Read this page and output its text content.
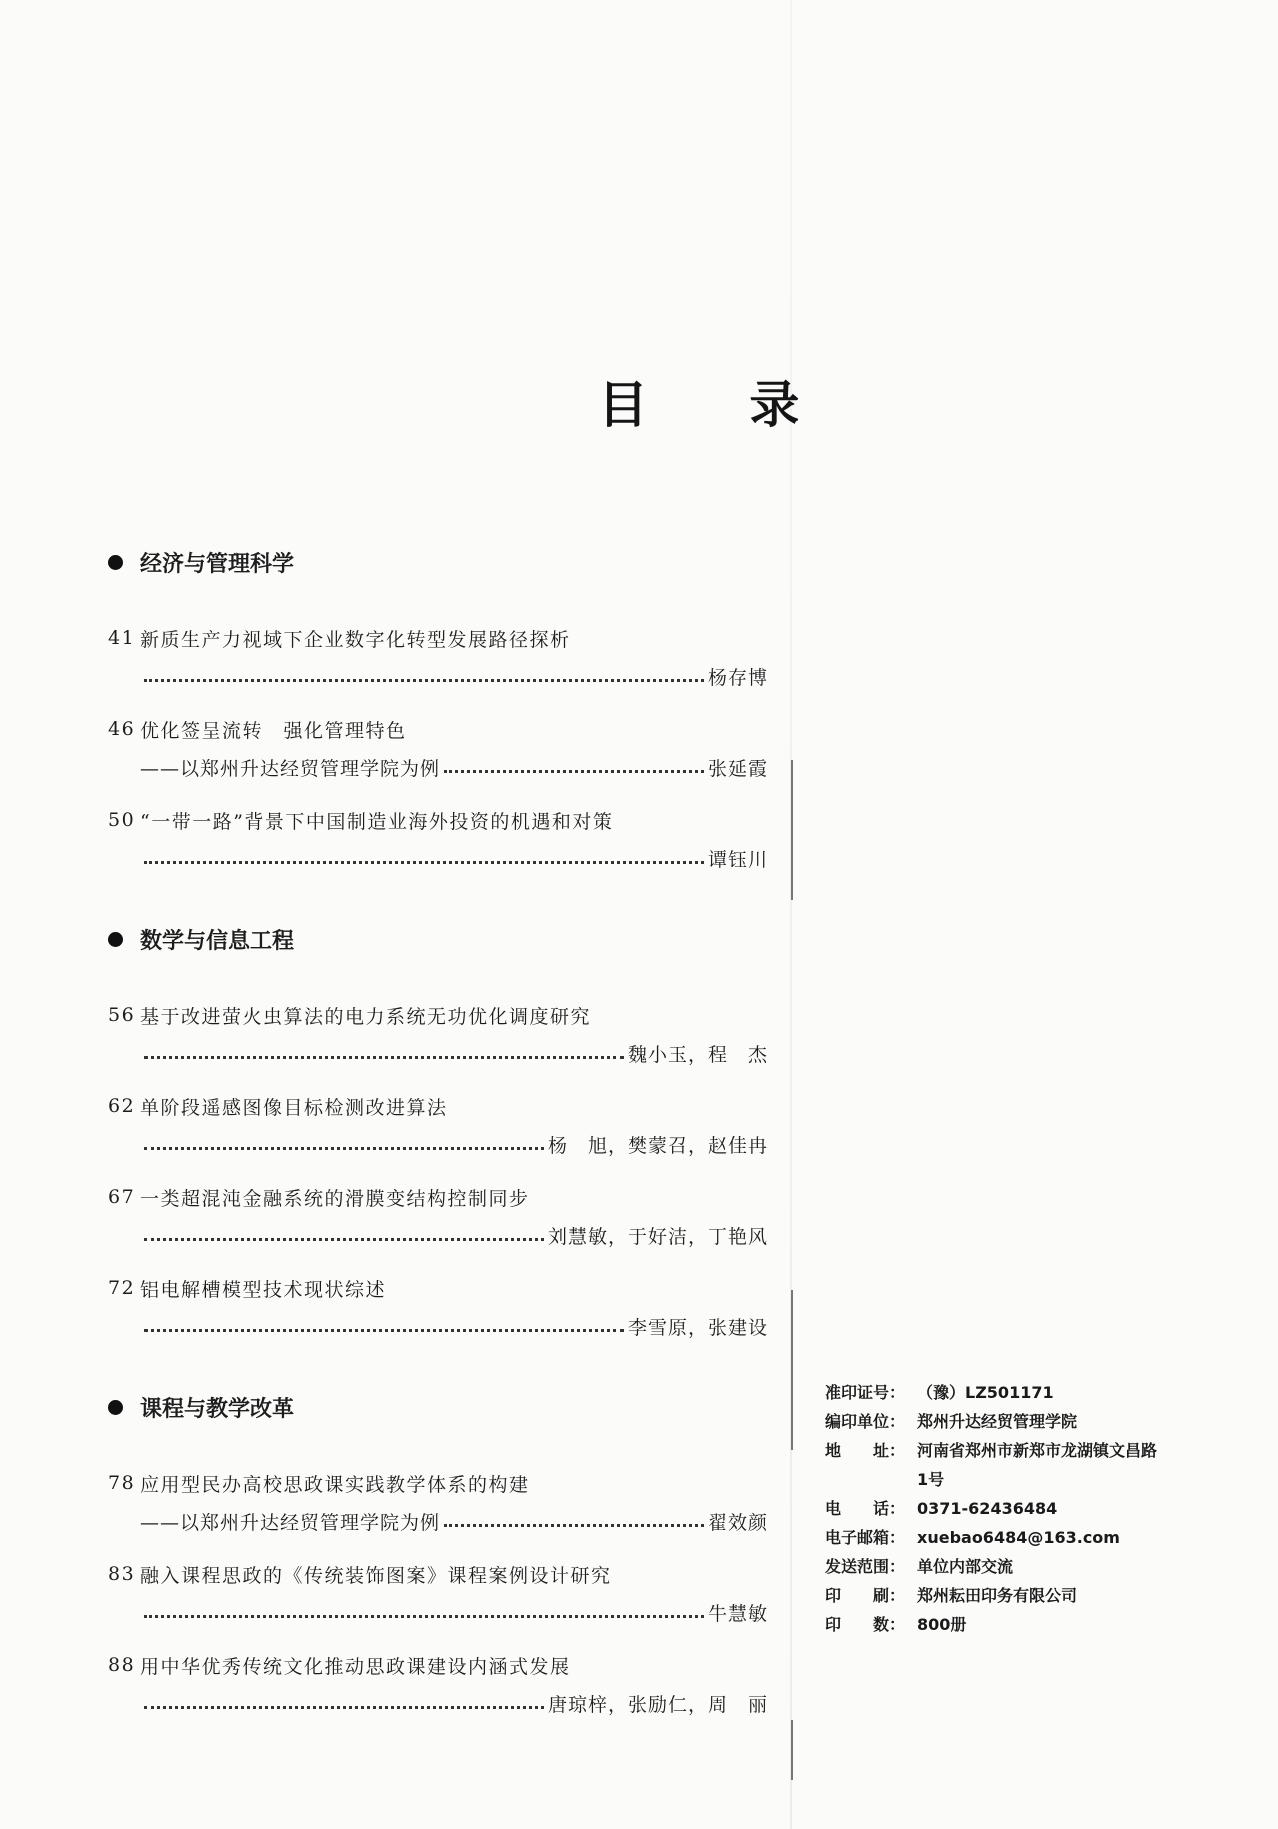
目 录
经济与管理科学
41 新质生产力视域下企业数字化转型发展路径探析
杨存博
46 优化签呈流转　强化管理特色
——以郑州升达经贸管理学院为例	张延霞
50 “一带一路”背景下中国制造业海外投资的机遇和对策
谭钰川
数学与信息工程
56 基于改进萤火虫算法的电力系统无功优化调度研究
魏小玉，程　杰
62 单阶段遥感图像目标检测改进算法
杨　旭，樊蒙召，赵佳冉
67 一类超混沌金融系统的滑膜变结构控制同步
刘慧敏，于好洁，丁艳风
72 铝电解槽模型技术现状综述
李雪原，张建设
课程与教学改革
78 应用型民办高校思政课实践教学体系的构建
——以郑州升达经贸管理学院为例	翟效颜
83 融入课程思政的《传统装饰图案》课程案例设计研究
牛慧敏
88 用中华优秀传统文化推动思政课建设内涵式发展
唐琼梓，张励仁，周　丽
准印证号： （豫）LZ501171
编印单位： 郑州升达经贸管理学院
地　　址： 河南省郑州市新郑市龙湖镇文昌路1号
电　　话： 0371-62436484
电子邮箱： xuebao6484@163.com
发送范围： 单位内部交流
印　　刷： 郑州耘田印务有限公司
印　　数： 800册
